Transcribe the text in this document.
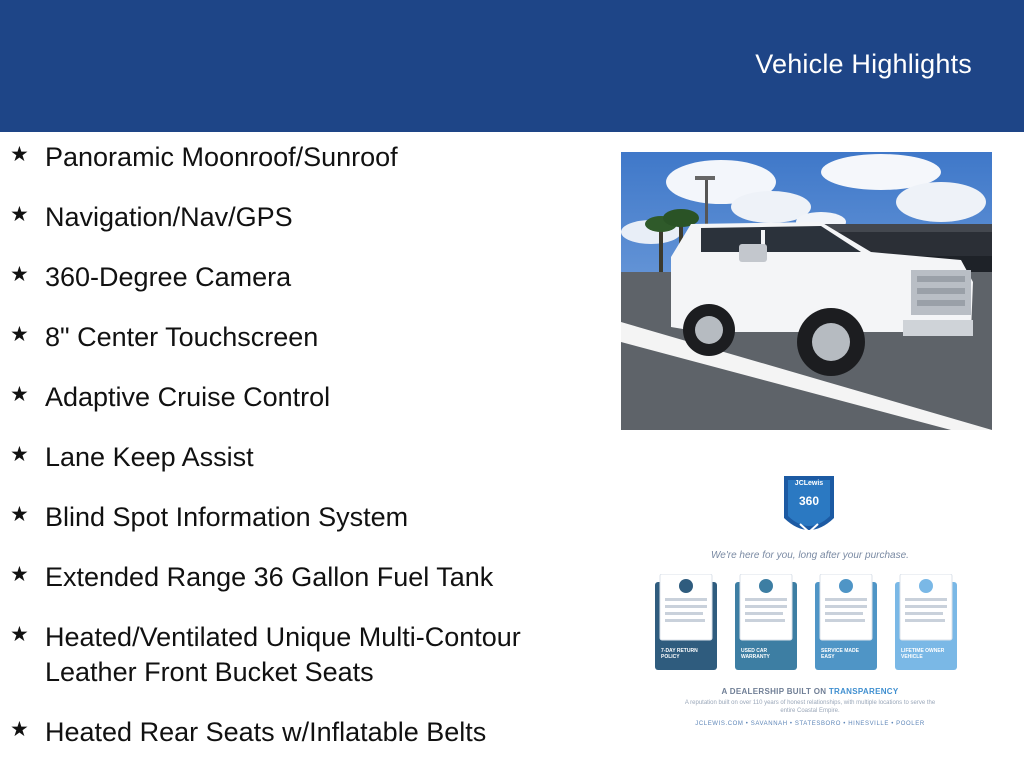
Vehicle Highlights
★ Panoramic Moonroof/Sunroof
★ Navigation/Nav/GPS
★ 360-Degree Camera
★ 8" Center Touchscreen
★ Adaptive Cruise Control
★ Lane Keep Assist
★ Blind Spot Information System
★ Extended Range 36 Gallon Fuel Tank
★ Heated/Ventilated Unique Multi-Contour Leather Front Bucket Seats
★ Heated Rear Seats w/Inflatable Belts
JCLewis
360
We're here for you, long after your purchase.
7-DAY RETURN POLICY
USED CAR WARRANTY
SERVICE MADE EASY
LIFETIME OWNER VEHICLE
A DEALERSHIP BUILT ON TRANSPARENCY
A reputation built on over 110 years of honest relationships, with multiple locations to serve the entire Coastal Empire.
JCLEWIS.COM • SAVANNAH • STATESBORO • HINESVILLE • POOLER
